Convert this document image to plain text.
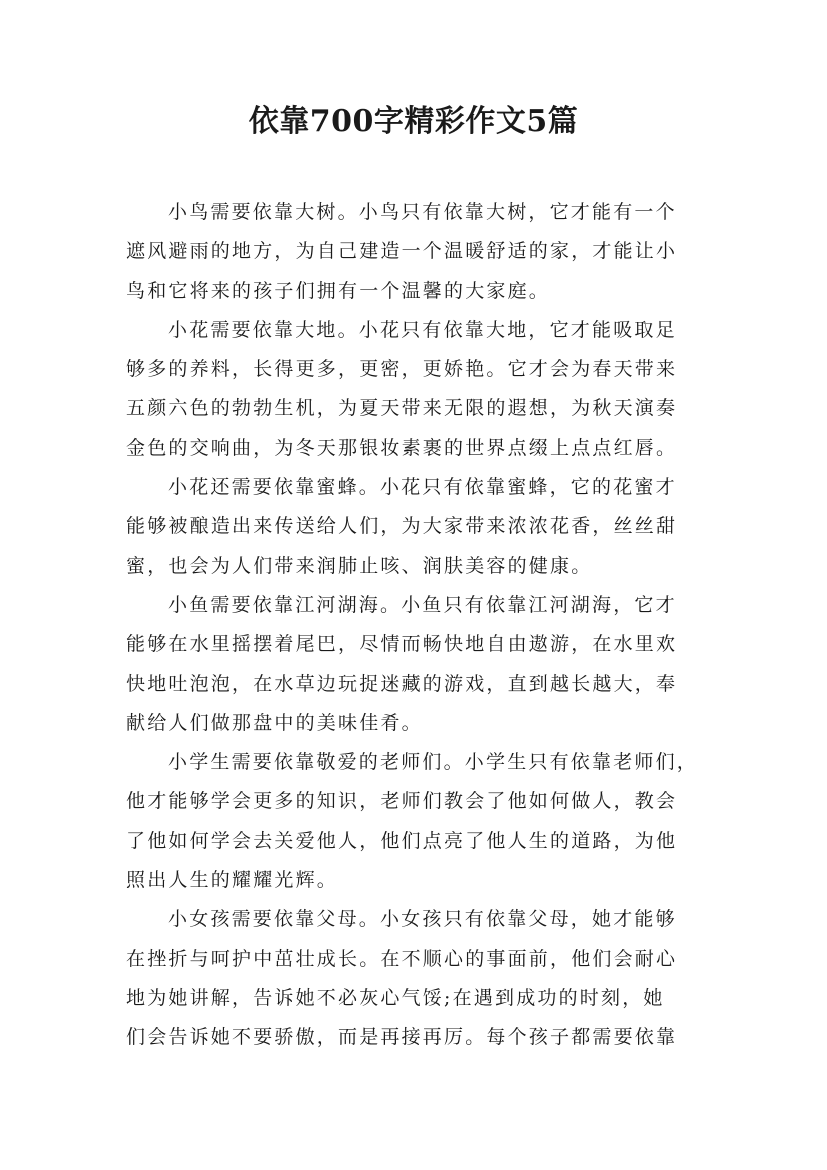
依靠700字精彩作文5篇

小鸟需要依靠大树。小鸟只有依靠大树，它才能有一个
遮风避雨的地方，为自己建造一个温暖舒适的家，才能让小
鸟和它将来的孩子们拥有一个温馨的大家庭。

小花需要依靠大地。小花只有依靠大地，它才能吸取足
够多的养料，长得更多，更密，更娇艳。它才会为春天带来
五颜六色的勃勃生机，为夏天带来无限的遐想，为秋天演奏
金色的交响曲，为冬天那银妆素裹的世界点缀上点点红唇。

小花还需要依靠蜜蜂。小花只有依靠蜜蜂，它的花蜜才
能够被酿造出来传送给人们，为大家带来浓浓花香，丝丝甜
蜜，也会为人们带来润肺止咳、润肤美容的健康。

小鱼需要依靠江河湖海。小鱼只有依靠江河湖海，它才
能够在水里摇摆着尾巴，尽情而畅快地自由遨游，在水里欢
快地吐泡泡，在水草边玩捉迷藏的游戏，直到越长越大，奉
献给人们做那盘中的美味佳肴。

小学生需要依靠敬爱的老师们。小学生只有依靠老师们，
他才能够学会更多的知识，老师们教会了他如何做人，教会
了他如何学会去关爱他人，他们点亮了他人生的道路，为他
照出人生的耀耀光辉。

小女孩需要依靠父母。小女孩只有依靠父母，她才能够
在挫折与呵护中茁壮成长。在不顺心的事面前，他们会耐心
地为她讲解，告诉她不必灰心气馁;在遇到成功的时刻，她
们会告诉她不要骄傲，而是再接再厉。每个孩子都需要依靠
